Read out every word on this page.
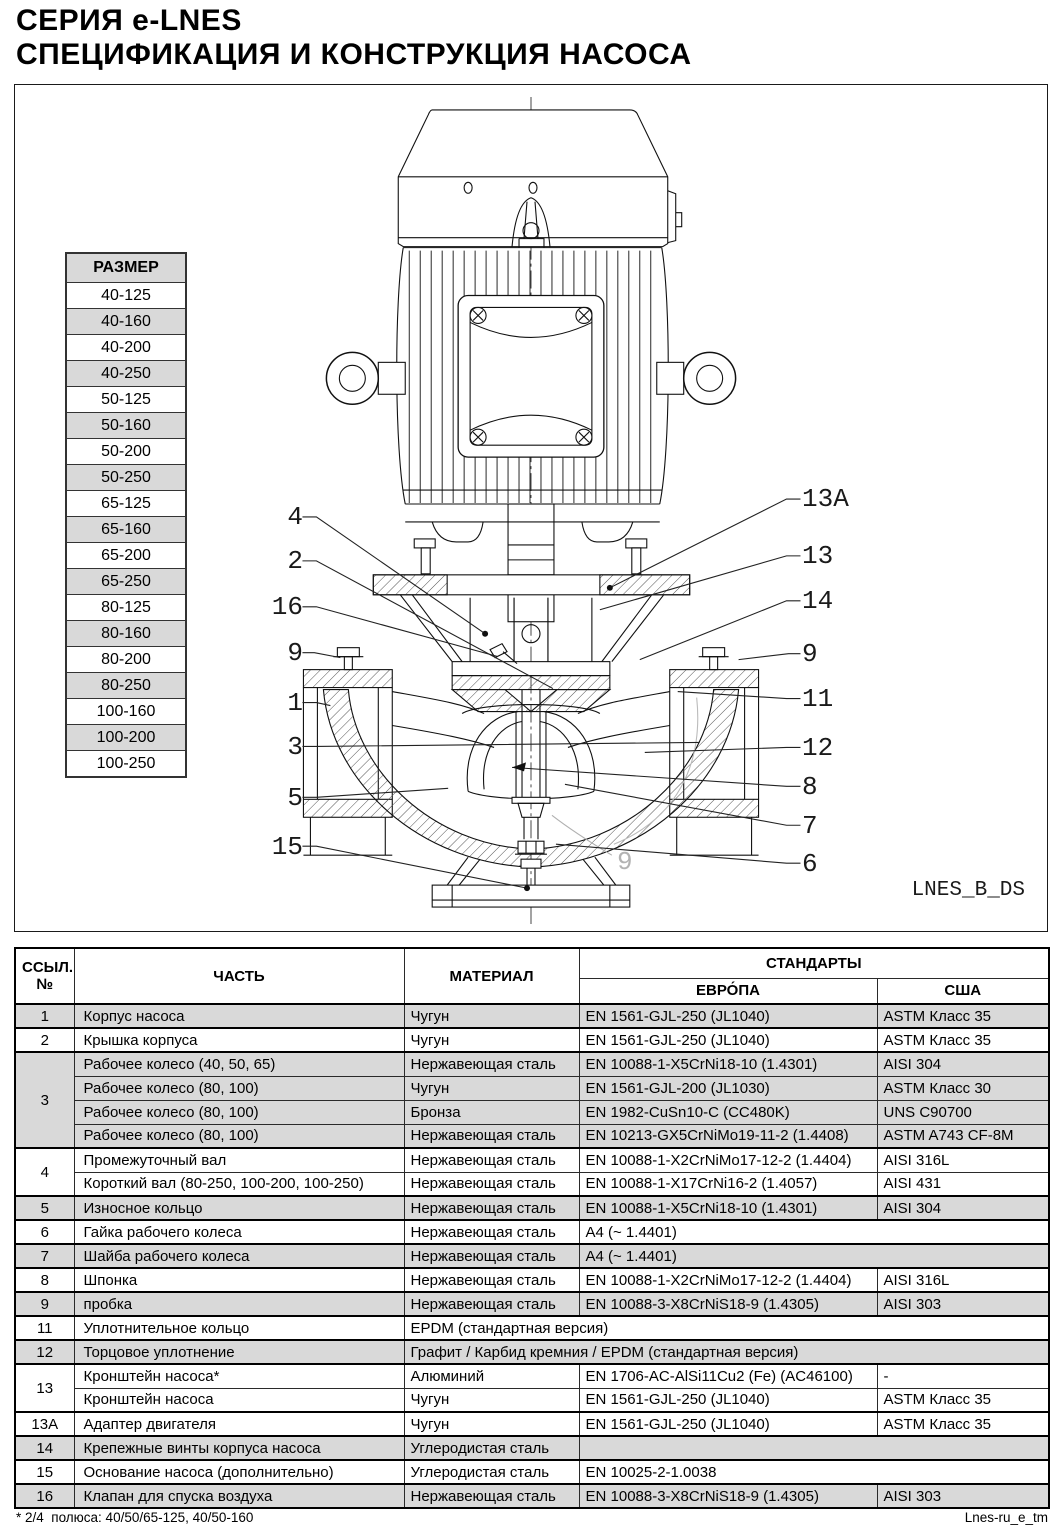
СЕРИЯ e-LNES
СПЕЦИФИКАЦИЯ И КОНСТРУКЦИЯ НАСОСА
РАЗМЕР
40-125
40-160
40-200
40-250
50-125
50-160
50-200
50-250
65-125
65-160
65-200
65-250
80-125
80-160
80-200
80-250
100-160
100-200
100-250
LNES_B_DS
4
2
16
9
1
3
5
15
13A
13
14
9
11
12
8
7
6
9
ССЫЛ.
№	ЧАСТЬ	МАТЕРИАЛ	СТАНДАРТЫ	
			ЕВРО́ПА	США
1	Корпус насоса	Чугун	EN 1561-GJL-250 (JL1040)	ASTM Класс 35
2	Крышка корпуса	Чугун	EN 1561-GJL-250 (JL1040)	ASTM Класс 35
3	Рабочее колесо (40, 50, 65)	Нержавеющая сталь	EN 10088-1-X5CrNi18-10 (1.4301)	AISI 304
	Рабочее колесо (80, 100)	Чугун	EN 1561-GJL-200 (JL1030)	ASTM Класс 30
	Рабочее колесо (80, 100)	Бронза	EN 1982-CuSn10-C (CC480K)	UNS C90700
	Рабочее колесо (80, 100)	Нержавеющая сталь	EN 10213-GX5CrNiMo19-11-2 (1.4408)	ASTM A743 CF-8M
4	Промежуточный вал	Нержавеющая сталь	EN 10088-1-X2CrNiMo17-12-2 (1.4404)	AISI 316L
	Короткий вал (80-250, 100-200, 100-250)	Нержавеющая сталь	EN 10088-1-X17CrNi16-2 (1.4057)	AISI 431
5	Износное кольцо	Нержавеющая сталь	EN 10088-1-X5CrNi18-10 (1.4301)	AISI 304
6	Гайка рабочего колеса	Нержавеющая сталь	A4 (~ 1.4401)	
7	Шайба рабочего колеса	Нержавеющая сталь	A4 (~ 1.4401)	
8	Шпонка	Нержавеющая сталь	EN 10088-1-X2CrNiMo17-12-2 (1.4404)	AISI 316L
9	пробка	Нержавеющая сталь	EN 10088-3-X8CrNiS18-9 (1.4305)	AISI 303
11	Уплотнительное кольцо	EPDM (стандартная версия)		
12	Торцовое уплотнение	Графит / Карбид кремния / EPDM (стандартная версия)		
13	Кронштейн насоса*	Алюминий	EN 1706-AC-AlSi11Cu2 (Fe) (AC46100)	-
	Кронштейн насоса	Чугун	EN 1561-GJL-250 (JL1040)	ASTM Класс 35
13A	Адаптер двигателя	Чугун	EN 1561-GJL-250 (JL1040)	ASTM Класс 35
14	Крепежные винты корпуса насоса	Углеродистая сталь		
15	Основание насоса (дополнительно)	Углеродистая сталь	EN 10025-2-1.0038	
16	Клапан для спуска воздуха	Нержавеющая сталь	EN 10088-3-X8CrNiS18-9 (1.4305)	AISI 303
* 2/4  полюса: 40/50/65-125, 40/50-160	Lnes-ru_e_tm
